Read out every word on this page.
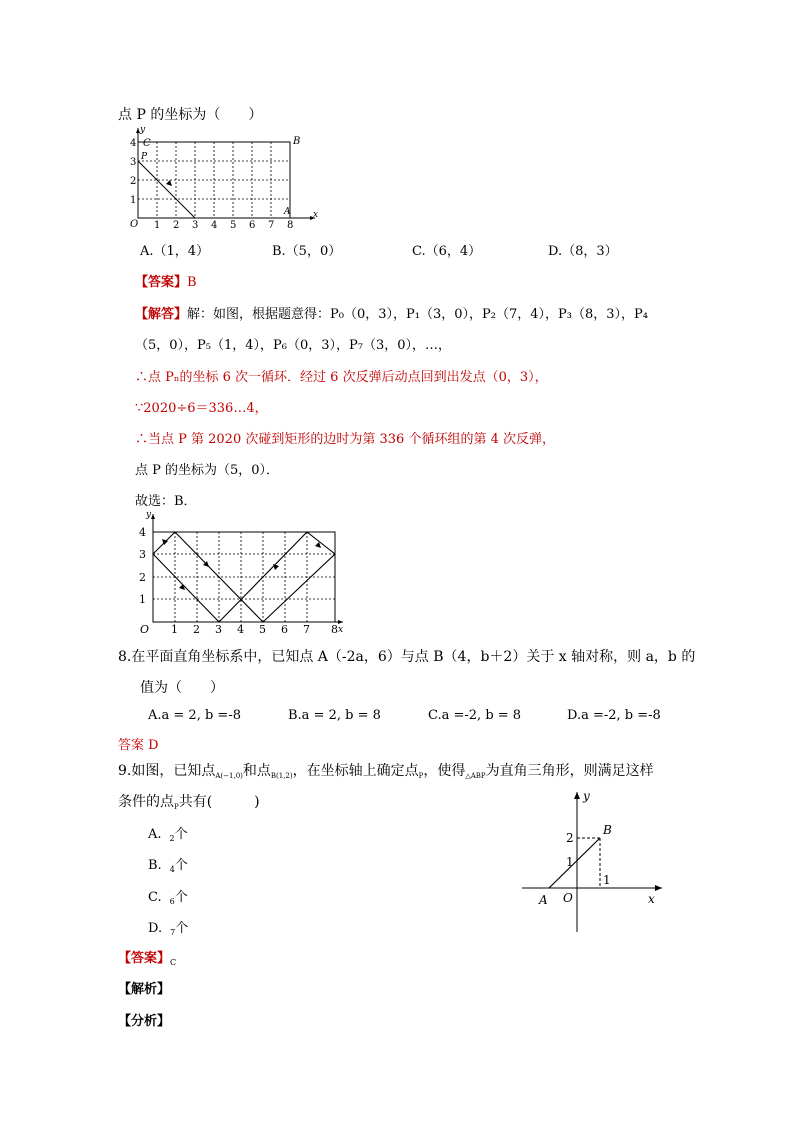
点 P 的坐标为（　　）
C	B
A
P
y
x
O 1 2 3 4 5 6 7 8
1
2
3
4
A.（1，4）	B.（5，0）	C.（6，4）	D.（8，3）
【答案】B
【解答】解：如图，根据题意得：P₀（0，3），P₁（3，0），P₂（7，4），P₃（8，3），P₄
（5，0），P₅（1，4），P₆（0，3），P₇（3，0），…，
∴点 Pₙ的坐标 6 次一循环．经过 6 次反弹后动点回到出发点（0，3），
∵2020÷6＝336…4，
∴当点 P 第 2020 次碰到矩形的边时为第 336 个循环组的第 4 次反弹，
点 P 的坐标为（5，0）．
故选：B．
y
x
O 1 2 3 4 5 6 7 8
1
2
3
4
8.在平面直角坐标系中，已知点 A（-2a，6）与点 B（4，b＋2）关于 x 轴对称，则 a，b 的
值为（　　）
A.a = 2, b =-8	B.a = 2, b = 8	C.a =-2, b = 8	D.a =-2, b =-8
答案 D
9.如图，已知点$_{A(-1,0)}$和点$_{B(1,2)}$，在坐标轴上确定点$_P$，使得$_{\triangle ABP}$为直角三角形，则满足这样
条件的点$_P$共有(　　　)
A. $_2$个
B. $_4$个
C. $_6$个
D. $_7$个
y
x
O
A
B
2
1
1
【答案】$_C$
【解析】
【分析】
